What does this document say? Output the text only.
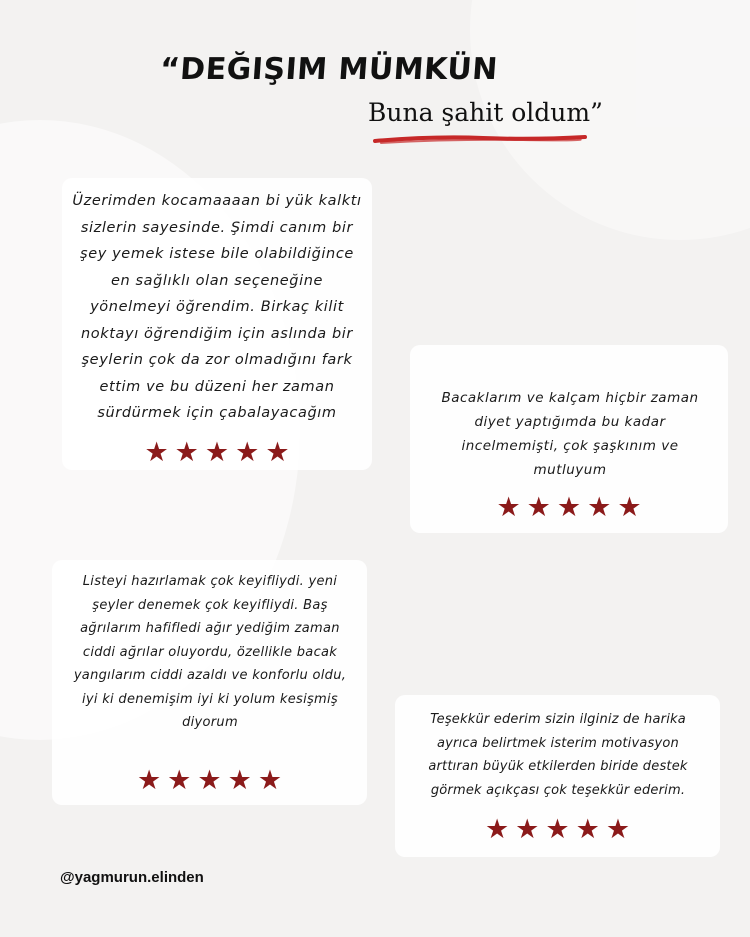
“DEĞIŞIM MÜMKÜN
Buna şahit oldum”

Üzerimden kocamaaaan bi yük kalktı sizlerin sayesinde. Şimdi canım bir şey yemek istese bile olabildiğince en sağlıklı olan seçeneğine yönelmeyi öğrendim. Birkaç kilit noktayı öğrendiğim için aslında bir şeylerin çok da zor olmadığını fark ettim ve bu düzeni her zaman sürdürmek için çabalayacağım

★ ★ ★ ★ ★

Bacaklarım ve kalçam hiçbir zaman diyet yaptığımda bu kadar incelmemişti, çok şaşkınım ve mutluyum

★ ★ ★ ★ ★

Listeyi hazırlamak çok keyifliydi. yeni şeyler denemek çok keyifliydi. Baş ağrılarım hafifledi ağır yediğim zaman ciddi ağrılar oluyordu, özellikle bacak yangılarım ciddi azaldı ve konforlu oldu, iyi ki denemişim iyi ki yolum kesişmiş diyorum

★ ★ ★ ★ ★

Teşekkür ederim sizin ilginiz de harika ayrıca belirtmek isterim motivasyon arttıran büyük etkilerden biride destek görmek açıkçası çok teşekkür ederim.

★ ★ ★ ★ ★
@yagmurun.elinden
